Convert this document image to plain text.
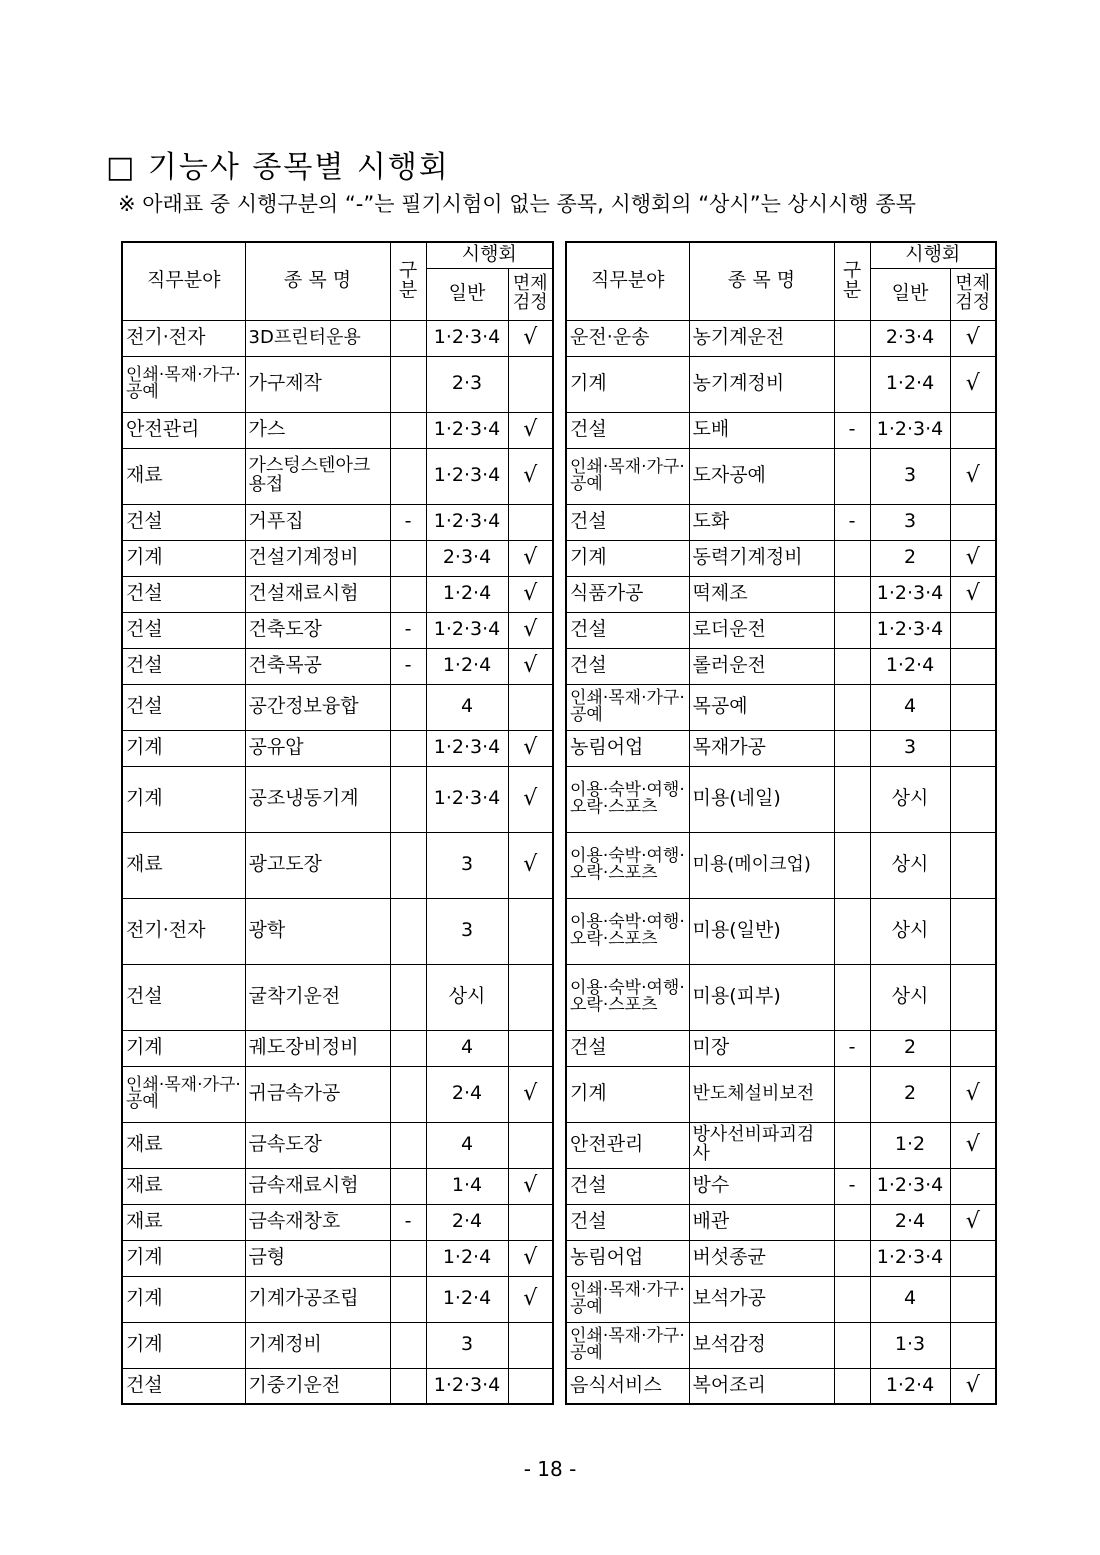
□ 기능사 종목별 시행회
※ 아래표 중 시행구분의 “-”는 필기시험이 없는 종목, 시행회의 “상시”는 상시시행 종목
직무분야	종 목 명	구분	시행회	
			일반	면제검정
전기·전자	3D프린터운용		1·2·3·4	√
인쇄·목재·가구·공예	가구제작		2·3	
안전관리	가스		1·2·3·4	√
재료	가스텅스텐아크용접		1·2·3·4	√
건설	거푸집	-	1·2·3·4	
기계	건설기계정비		2·3·4	√
건설	건설재료시험		1·2·4	√
건설	건축도장	-	1·2·3·4	√
건설	건축목공	-	1·2·4	√
건설	공간정보융합		4	
기계	공유압		1·2·3·4	√
기계	공조냉동기계		1·2·3·4	√
재료	광고도장		3	√
전기·전자	광학		3	
건설	굴착기운전		상시	
기계	궤도장비정비		4	
인쇄·목재·가구·공예	귀금속가공		2·4	√
재료	금속도장		4	
재료	금속재료시험		1·4	√
재료	금속재창호	-	2·4	
기계	금형		1·2·4	√
기계	기계가공조립		1·2·4	√
기계	기계정비		3	
건설	기중기운전		1·2·3·4	
직무분야	종 목 명	구분	시행회	
			일반	면제검정
운전·운송	농기계운전		2·3·4	√
기계	농기계정비		1·2·4	√
건설	도배	-	1·2·3·4	
인쇄·목재·가구·공예	도자공예		3	√
건설	도화	-	3	
기계	동력기계정비		2	√
식품가공	떡제조		1·2·3·4	√
건설	로더운전		1·2·3·4	
건설	롤러운전		1·2·4	
인쇄·목재·가구·공예	목공예		4	
농림어업	목재가공		3	
이용·숙박·여행·오락·스포츠	미용(네일)		상시	
이용·숙박·여행·오락·스포츠	미용(메이크업)		상시	
이용·숙박·여행·오락·스포츠	미용(일반)		상시	
이용·숙박·여행·오락·스포츠	미용(피부)		상시	
건설	미장	-	2	
기계	반도체설비보전		2	√
안전관리	방사선비파괴검사		1·2	√
건설	방수	-	1·2·3·4	
건설	배관		2·4	√
농림어업	버섯종균		1·2·3·4	
인쇄·목재·가구·공예	보석가공		4	
인쇄·목재·가구·공예	보석감정		1·3	
음식서비스	복어조리		1·2·4	√
- 18 -
